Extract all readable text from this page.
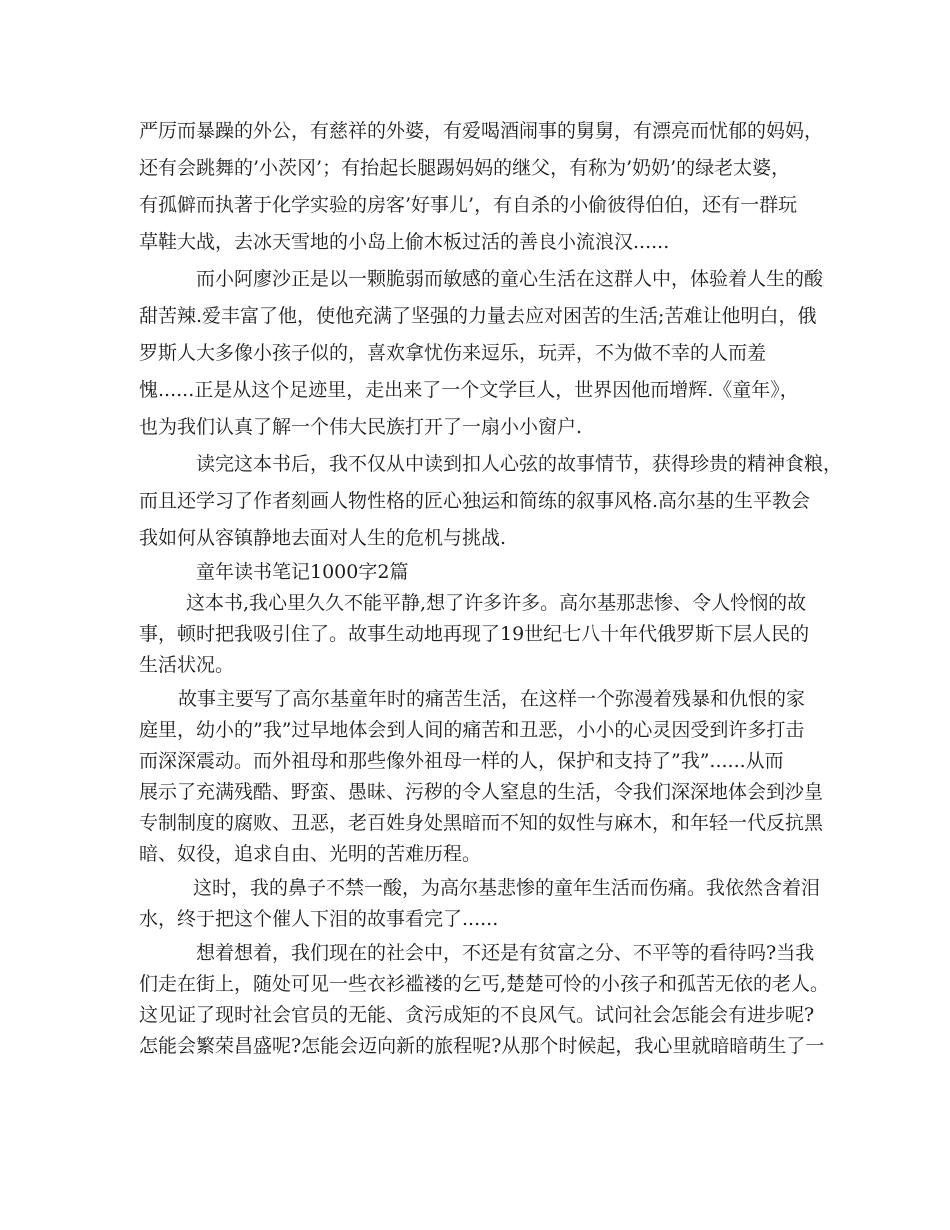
严厉而暴躁的外公，有慈祥的外婆，有爱喝酒闹事的舅舅，有漂亮而忧郁的妈妈，
还有会跳舞的’小茨冈’；有抬起长腿踢妈妈的继父，有称为’奶奶’的绿老太婆，
有孤僻而执著于化学实验的房客’好事儿’，有自杀的小偷彼得伯伯，还有一群玩
草鞋大战，去冰天雪地的小岛上偷木板过活的善良小流浪汉......
而小阿廖沙正是以一颗脆弱而敏感的童心生活在这群人中，体验着人生的酸
甜苦辣.爱丰富了他，使他充满了坚强的力量去应对困苦的生活;苦难让他明白，俄
罗斯人大多像小孩子似的，喜欢拿忧伤来逗乐，玩弄，不为做不幸的人而羞
愧......正是从这个足迹里，走出来了一个文学巨人，世界因他而增辉.《童年》，
也为我们认真了解一个伟大民族打开了一扇小小窗户.
读完这本书后，我不仅从中读到扣人心弦的故事情节，获得珍贵的精神食粮，
而且还学习了作者刻画人物性格的匠心独运和简练的叙事风格.高尔基的生平教会
我如何从容镇静地去面对人生的危机与挑战.
童年读书笔记1000字2篇
这本书,我心里久久不能平静,想了许多许多。高尔基那悲惨、令人怜悯的故
事，顿时把我吸引住了。故事生动地再现了19世纪七八十年代俄罗斯下层人民的
生活状况。
故事主要写了高尔基童年时的痛苦生活，在这样一个弥漫着残暴和仇恨的家
庭里，幼小的”我”过早地体会到人间的痛苦和丑恶，小小的心灵因受到许多打击
而深深震动。而外祖母和那些像外祖母一样的人，保护和支持了”我”......从而
展示了充满残酷、野蛮、愚昧、污秽的令人窒息的生活，令我们深深地体会到沙皇
专制制度的腐败、丑恶，老百姓身处黑暗而不知的奴性与麻木，和年轻一代反抗黑
暗、奴役，追求自由、光明的苦难历程。
这时，我的鼻子不禁一酸，为高尔基悲惨的童年生活而伤痛。我依然含着泪
水，终于把这个催人下泪的故事看完了......
想着想着，我们现在的社会中，不还是有贫富之分、不平等的看待吗?当我
们走在街上，随处可见一些衣衫褴褛的乞丐,楚楚可怜的小孩子和孤苦无依的老人。
这见证了现时社会官员的无能、贪污成矩的不良风气。试问社会怎能会有进步呢?
怎能会繁荣昌盛呢?怎能会迈向新的旅程呢?从那个时候起，我心里就暗暗萌生了一
